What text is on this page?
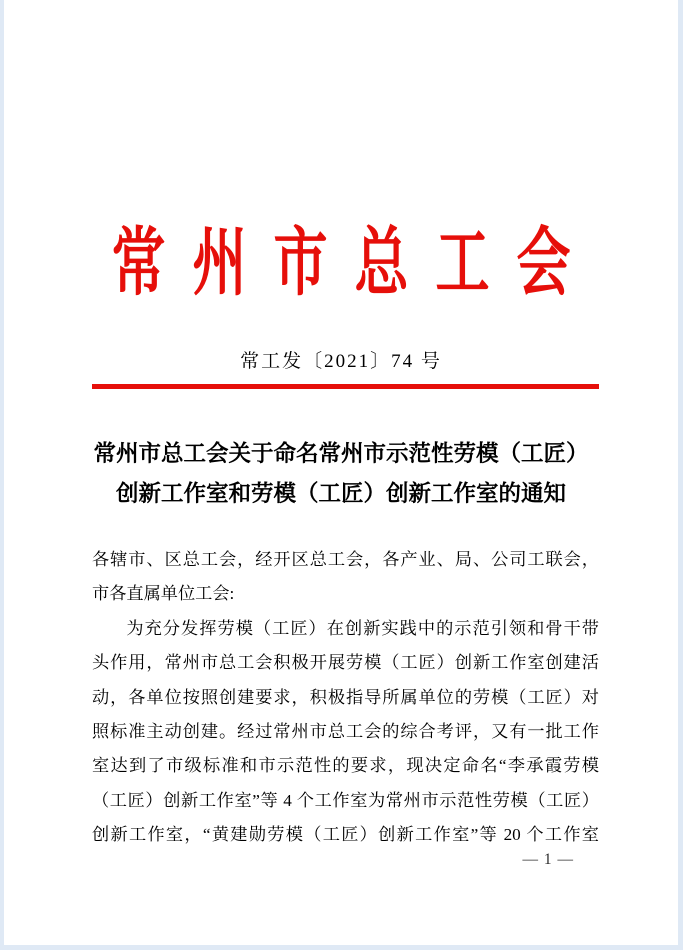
常州市总工会
常工发〔2021〕74 号
常州市总工会关于命名常州市示范性劳模（工匠）
创新工作室和劳模（工匠）创新工作室的通知
各辖市、区总工会，经开区总工会，各产业、局、公司工联会，
市各直属单位工会:
为充分发挥劳模（工匠）在创新实践中的示范引领和骨干带
头作用，常州市总工会积极开展劳模（工匠）创新工作室创建活
动，各单位按照创建要求，积极指导所属单位的劳模（工匠）对
照标准主动创建。经过常州市总工会的综合考评，又有一批工作
室达到了市级标准和市示范性的要求，现决定命名“李承霞劳模
（工匠）创新工作室”等 4 个工作室为常州市示范性劳模（工匠）
创新工作室，“黄建勋劳模（工匠）创新工作室”等 20 个工作室
— 1 —
